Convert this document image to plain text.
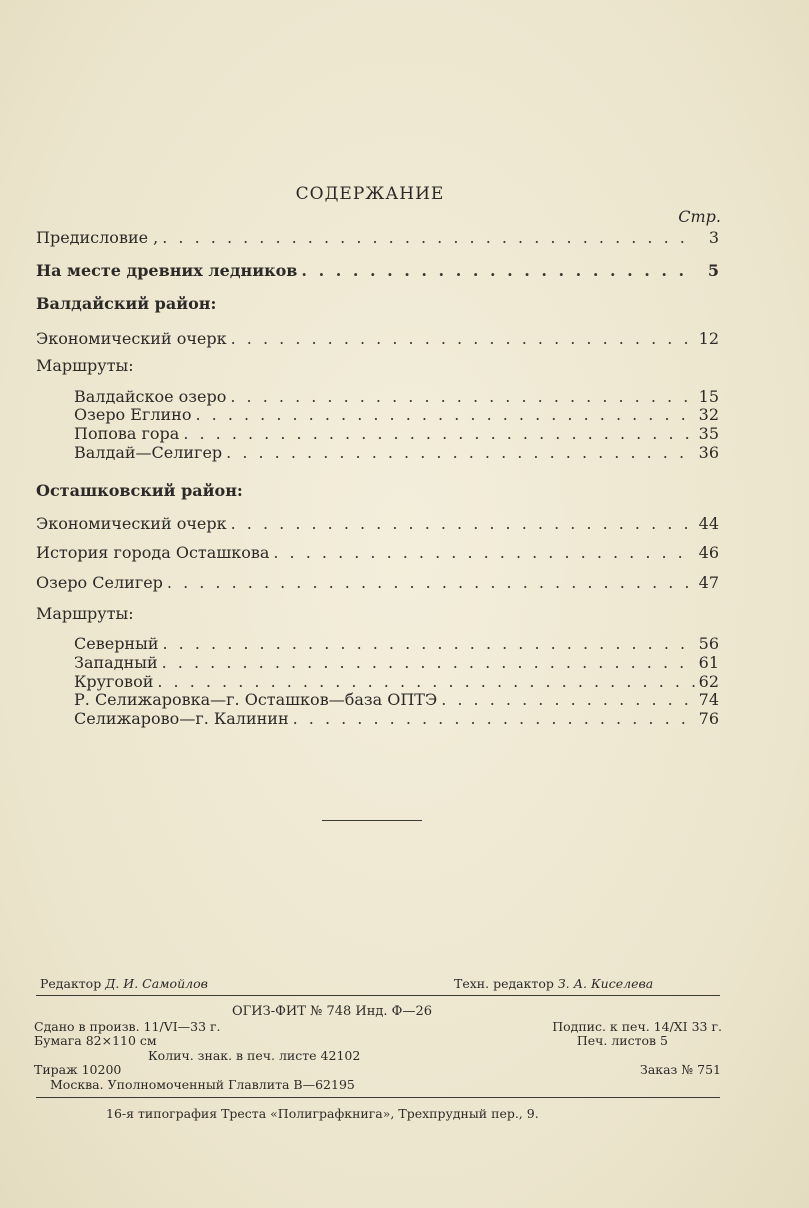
СОДЕРЖАНИЕ
Стр.
Предисловие , . . .	3
На месте древних ледников . . .	5
Валдайский район:
Экономический очерк . . .	12
Маршруты:
Валдайское озеро . . .	15
Озеро Еглино . . .	32
Попова гора . . .	35
Валдай—Селигер . . .	36
Осташковский район:
Экономический очерк . . .	44
История города Осташкова . . .	46
Озеро Селигер . . .	47
Маршруты:
Северный . . .	56
Западный . . .	61
Круговой . . .	62
Р. Селижаровка—г. Осташков—база ОПТЭ . . .	74
Селижарово—г. Калинин . . .	76
Редактор Д. И. Самойлов	Техн. редактор З. А. Киселева
ОГИЗ-ФИТ № 748 Инд. Ф—26
Сдано в произв. 11/VI—33 г.	Подпис. к печ. 14/XI 33 г.
Бумага 82×110 см	Печ. листов 5
Колич. знак. в печ. листе 42102
Тираж 10200	Заказ № 751
Москва. Уполномоченный Главлита В—62195
16-я типография Треста «Полиграфкнига», Трехпрудный пер., 9.
